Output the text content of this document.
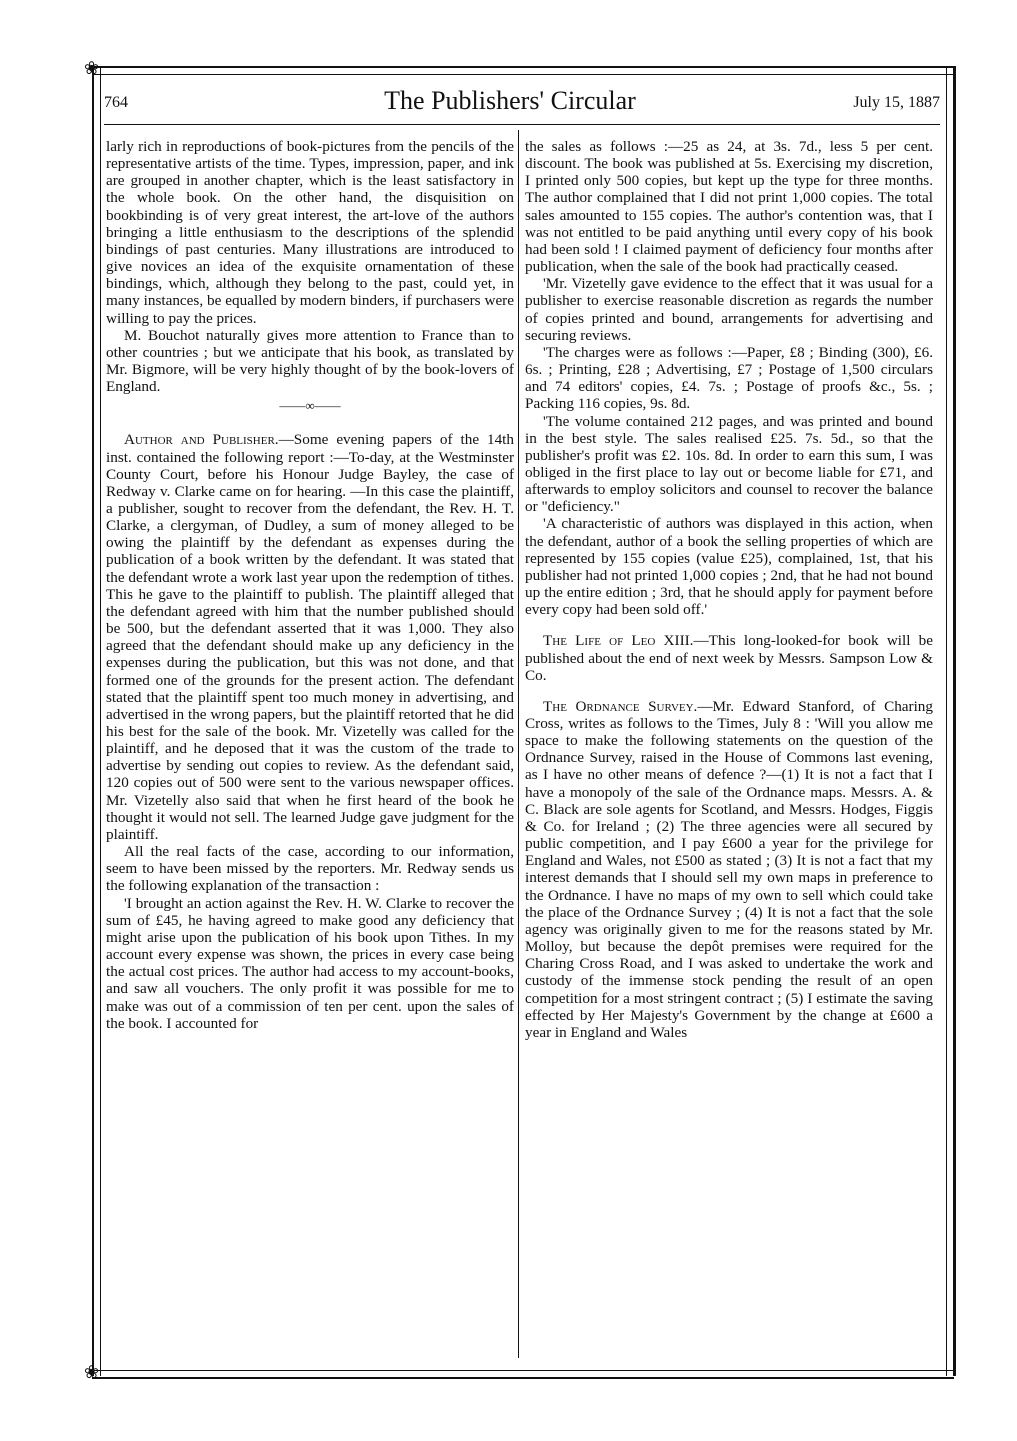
❀
❀
764	The Publishers' Circular	July 15, 1887

larly rich in reproductions of book-pictures from the pencils of the representative artists of the time. Types, impression, paper, and ink are grouped in another chapter, which is the least satisfactory in the whole book. On the other hand, the disquisition on bookbinding is of very great interest, the art-love of the authors bringing a little enthusiasm to the descriptions of the splendid bindings of past centuries. Many illustrations are introduced to give novices an idea of the exquisite ornamentation of these bindings, which, although they belong to the past, could yet, in many instances, be equalled by modern binders, if purchasers were willing to pay the prices.

M. Bouchot naturally gives more attention to France than to other countries ; but we anticipate that his book, as translated by Mr. Bigmore, will be very highly thought of by the book-lovers of England.

——∞——

Author and Publisher.—Some evening papers of the 14th inst. contained the following report :—To-day, at the Westminster County Court, before his Honour Judge Bayley, the case of Redway v. Clarke came on for hearing. —In this case the plaintiff, a publisher, sought to recover from the defendant, the Rev. H. T. Clarke, a clergyman, of Dudley, a sum of money alleged to be owing the plaintiff by the defendant as expenses during the publication of a book written by the defendant. It was stated that the defendant wrote a work last year upon the redemption of tithes. This he gave to the plaintiff to publish. The plaintiff alleged that the defendant agreed with him that the number published should be 500, but the defendant asserted that it was 1,000. They also agreed that the defendant should make up any deficiency in the expenses during the publication, but this was not done, and that formed one of the grounds for the present action. The defendant stated that the plaintiff spent too much money in advertising, and advertised in the wrong papers, but the plaintiff retorted that he did his best for the sale of the book. Mr. Vizetelly was called for the plaintiff, and he deposed that it was the custom of the trade to advertise by sending out copies to review. As the defendant said, 120 copies out of 500 were sent to the various newspaper offices. Mr. Vizetelly also said that when he first heard of the book he thought it would not sell. The learned Judge gave judgment for the plaintiff.

All the real facts of the case, according to our information, seem to have been missed by the reporters. Mr. Redway sends us the following explanation of the transaction :

'I brought an action against the Rev. H. W. Clarke to recover the sum of £45, he having agreed to make good any deficiency that might arise upon the publication of his book upon Tithes. In my account every expense was shown, the prices in every case being the actual cost prices. The author had access to my account-books, and saw all vouchers. The only profit it was possible for me to make was out of a commission of ten per cent. upon the sales of the book. I accounted for

the sales as follows :—25 as 24, at 3s. 7d., less 5 per cent. discount. The book was published at 5s. Exercising my discretion, I printed only 500 copies, but kept up the type for three months. The author complained that I did not print 1,000 copies. The total sales amounted to 155 copies. The author's contention was, that I was not entitled to be paid anything until every copy of his book had been sold ! I claimed payment of deficiency four months after publication, when the sale of the book had practically ceased.

'Mr. Vizetelly gave evidence to the effect that it was usual for a publisher to exercise reasonable discretion as regards the number of copies printed and bound, arrangements for advertising and securing reviews.

'The charges were as follows :—Paper, £8 ; Binding (300), £6. 6s. ; Printing, £28 ; Advertising, £7 ; Postage of 1,500 circulars and 74 editors' copies, £4. 7s. ; Postage of proofs &c., 5s. ; Packing 116 copies, 9s. 8d.

'The volume contained 212 pages, and was printed and bound in the best style. The sales realised £25. 7s. 5d., so that the publisher's profit was £2. 10s. 8d. In order to earn this sum, I was obliged in the first place to lay out or become liable for £71, and afterwards to employ solicitors and counsel to recover the balance or "deficiency."

'A characteristic of authors was displayed in this action, when the defendant, author of a book the selling properties of which are represented by 155 copies (value £25), complained, 1st, that his publisher had not printed 1,000 copies ; 2nd, that he had not bound up the entire edition ; 3rd, that he should apply for payment before every copy had been sold off.'

The Life of Leo XIII.—This long-looked-for book will be published about the end of next week by Messrs. Sampson Low & Co.

The Ordnance Survey.—Mr. Edward Stanford, of Charing Cross, writes as follows to the Times, July 8 : 'Will you allow me space to make the following statements on the question of the Ordnance Survey, raised in the House of Commons last evening, as I have no other means of defence ?—(1) It is not a fact that I have a monopoly of the sale of the Ordnance maps. Messrs. A. & C. Black are sole agents for Scotland, and Messrs. Hodges, Figgis & Co. for Ireland ; (2) The three agencies were all secured by public competition, and I pay £600 a year for the privilege for England and Wales, not £500 as stated ; (3) It is not a fact that my interest demands that I should sell my own maps in preference to the Ordnance. I have no maps of my own to sell which could take the place of the Ordnance Survey ; (4) It is not a fact that the sole agency was originally given to me for the reasons stated by Mr. Molloy, but because the depôt premises were required for the Charing Cross Road, and I was asked to undertake the work and custody of the immense stock pending the result of an open competition for a most stringent contract ; (5) I estimate the saving effected by Her Majesty's Government by the change at £600 a year in England and Wales
